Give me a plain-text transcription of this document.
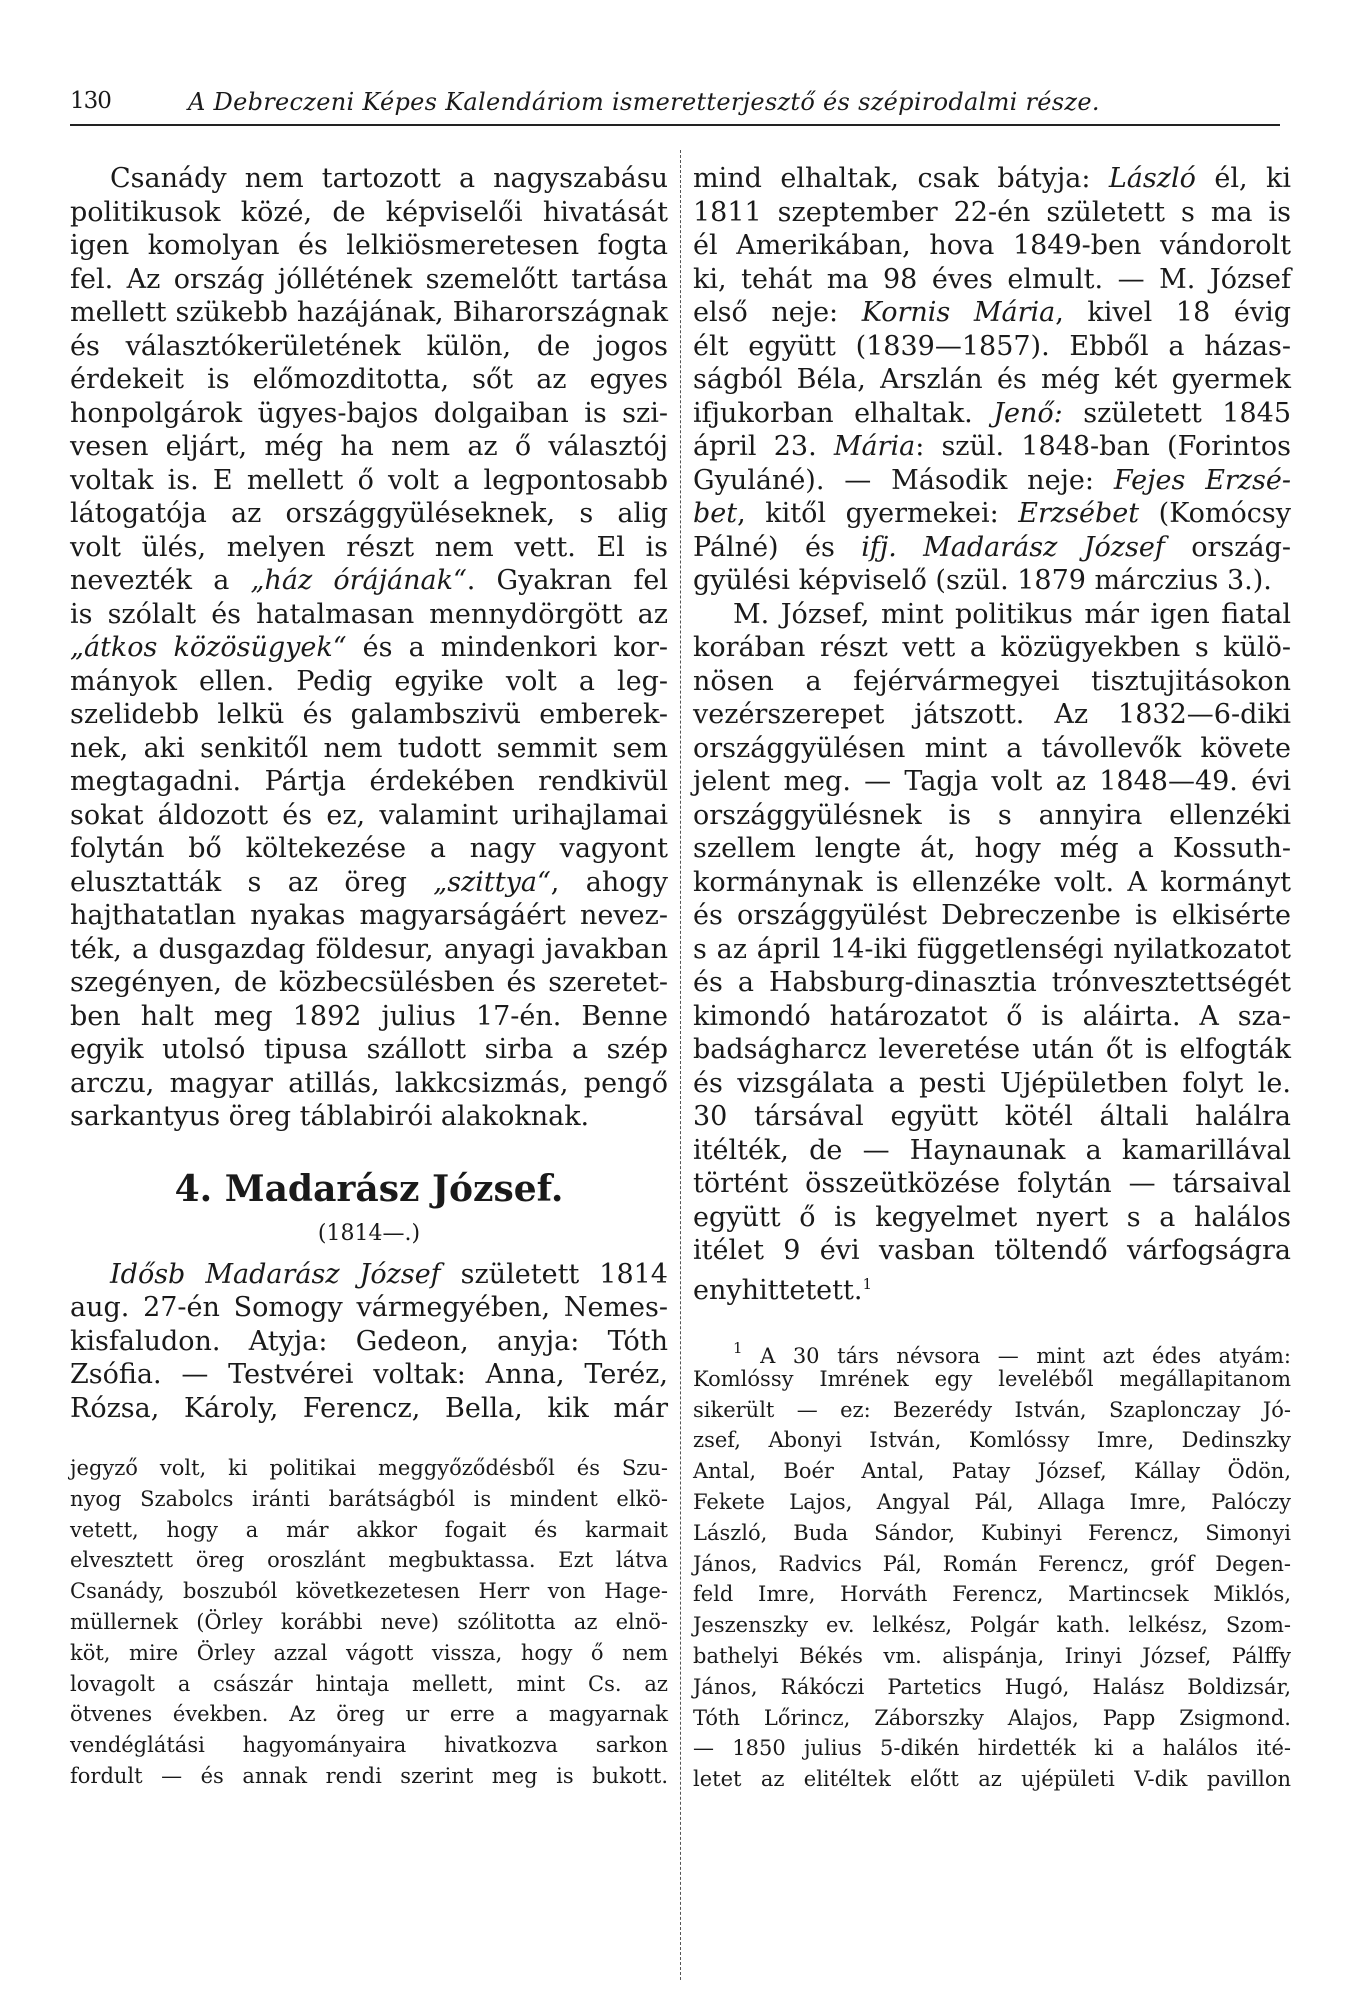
130	A Debreczeni Képes Kalendáriom ismeretterjesztő és szépirodalmi része.
Csanády nem tartozott a nagyszabásu
politikusok közé, de képviselői hivatását
igen komolyan és lelkiösmeretesen fogta
fel. Az ország jóllétének szemelőtt tartása
mellett szükebb hazájának, Biharországnak
és választókerületének külön, de jogos
érdekeit is előmozditotta, sőt az egyes
honpolgárok ügyes-bajos dolgaiban is szi-
vesen eljárt, még ha nem az ő választój
voltak is. E mellett ő volt a legpontosabb
látogatója az országgyüléseknek, s alig
volt ülés, melyen részt nem vett. El is
nevezték a „ház órájának“. Gyakran fel
is szólalt és hatalmasan mennydörgött az
„átkos közösügyek“ és a mindenkori kor-
mányok ellen. Pedig egyike volt a leg-
szelidebb lelkü és galambszivü emberek-
nek, aki senkitől nem tudott semmit sem
megtagadni. Pártja érdekében rendkivül
sokat áldozott és ez, valamint urihajlamai
folytán bő költekezése a nagy vagyont
elusztatták s az öreg „szittya“, ahogy
hajthatatlan nyakas magyarságáért nevez-
ték, a dusgazdag földesur, anyagi javakban
szegényen, de közbecsülésben és szeretet-
ben halt meg 1892 julius 17-én. Benne
egyik utolsó tipusa szállott sirba a szép
arczu, magyar atillás, lakkcsizmás, pengő
sarkantyus öreg táblabirói alakoknak.
4. Madarász József.
(1814—.)
Idősb Madarász József született 1814
aug. 27-én Somogy vármegyében, Nemes-
kisfaludon. Atyja: Gedeon, anyja: Tóth
Zsófia. — Testvérei voltak: Anna, Teréz,
Rózsa, Károly, Ferencz, Bella, kik már
jegyző volt, ki politikai meggyőződésből és Szu-
nyog Szabolcs iránti barátságból is mindent elkö-
vetett, hogy a már akkor fogait és karmait
elvesztett öreg oroszlánt megbuktassa. Ezt látva
Csanády, boszuból következetesen Herr von Hage-
müllernek (Örley korábbi neve) szólitotta az elnö-
köt, mire Örley azzal vágott vissza, hogy ő nem
lovagolt a császár hintaja mellett, mint Cs. az
ötvenes években. Az öreg ur erre a magyarnak
vendéglátási hagyományaira hivatkozva sarkon
fordult — és annak rendi szerint meg is bukott.
mind elhaltak, csak bátyja: László él, ki
1811 szeptember 22-én született s ma is
él Amerikában, hova 1849-ben vándorolt
ki, tehát ma 98 éves elmult. — M. József
első neje: Kornis Mária, kivel 18 évig
élt együtt (1839—1857). Ebből a házas-
ságból Béla, Arszlán és még két gyermek
ifjukorban elhaltak. Jenő: született 1845
ápril 23. Mária: szül. 1848-ban (Forintos
Gyuláné). — Második neje: Fejes Erzsé-
bet, kitől gyermekei: Erzsébet (Komócsy
Pálné) és ifj. Madarász József ország-
gyülési képviselő (szül. 1879 márczius 3.).
M. József, mint politikus már igen fiatal
korában részt vett a közügyekben s külö-
nösen a fejérvármegyei tisztujitásokon
vezérszerepet játszott. Az 1832—6-diki
országgyülésen mint a távollevők követe
jelent meg. — Tagja volt az 1848—49. évi
országgyülésnek is s annyira ellenzéki
szellem lengte át, hogy még a Kossuth-
kormánynak is ellenzéke volt. A kormányt
és országgyülést Debreczenbe is elkisérte
s az ápril 14-iki függetlenségi nyilatkozatot
és a Habsburg-dinasztia trónvesztettségét
kimondó határozatot ő is aláirta. A sza-
badságharcz leveretése után őt is elfogták
és vizsgálata a pesti Ujépületben folyt le.
30 társával együtt kötél általi halálra
itélték, de — Haynaunak a kamarillával
történt összeütközése folytán — társaival
együtt ő is kegyelmet nyert s a halálos
itélet 9 évi vasban töltendő várfogságra
enyhittetett.$^1$
$^1$ A 30 társ névsora — mint azt édes atyám:
Komlóssy Imrének egy leveléből megállapitanom
sikerült — ez: Bezerédy István, Szaplonczay Jó-
zsef, Abonyi István, Komlóssy Imre, Dedinszky
Antal, Boér Antal, Patay József, Kállay Ödön,
Fekete Lajos, Angyal Pál, Allaga Imre, Palóczy
László, Buda Sándor, Kubinyi Ferencz, Simonyi
János, Radvics Pál, Román Ferencz, gróf Degen-
feld Imre, Horváth Ferencz, Martincsek Miklós,
Jeszenszky ev. lelkész, Polgár kath. lelkész, Szom-
bathelyi Békés vm. alispánja, Irinyi József, Pálffy
János, Rákóczi Partetics Hugó, Halász Boldizsár,
Tóth Lőrincz, Záborszky Alajos, Papp Zsigmond.
— 1850 julius 5-dikén hirdették ki a halálos ité-
letet az elitéltek előtt az ujépületi V-dik pavillon
